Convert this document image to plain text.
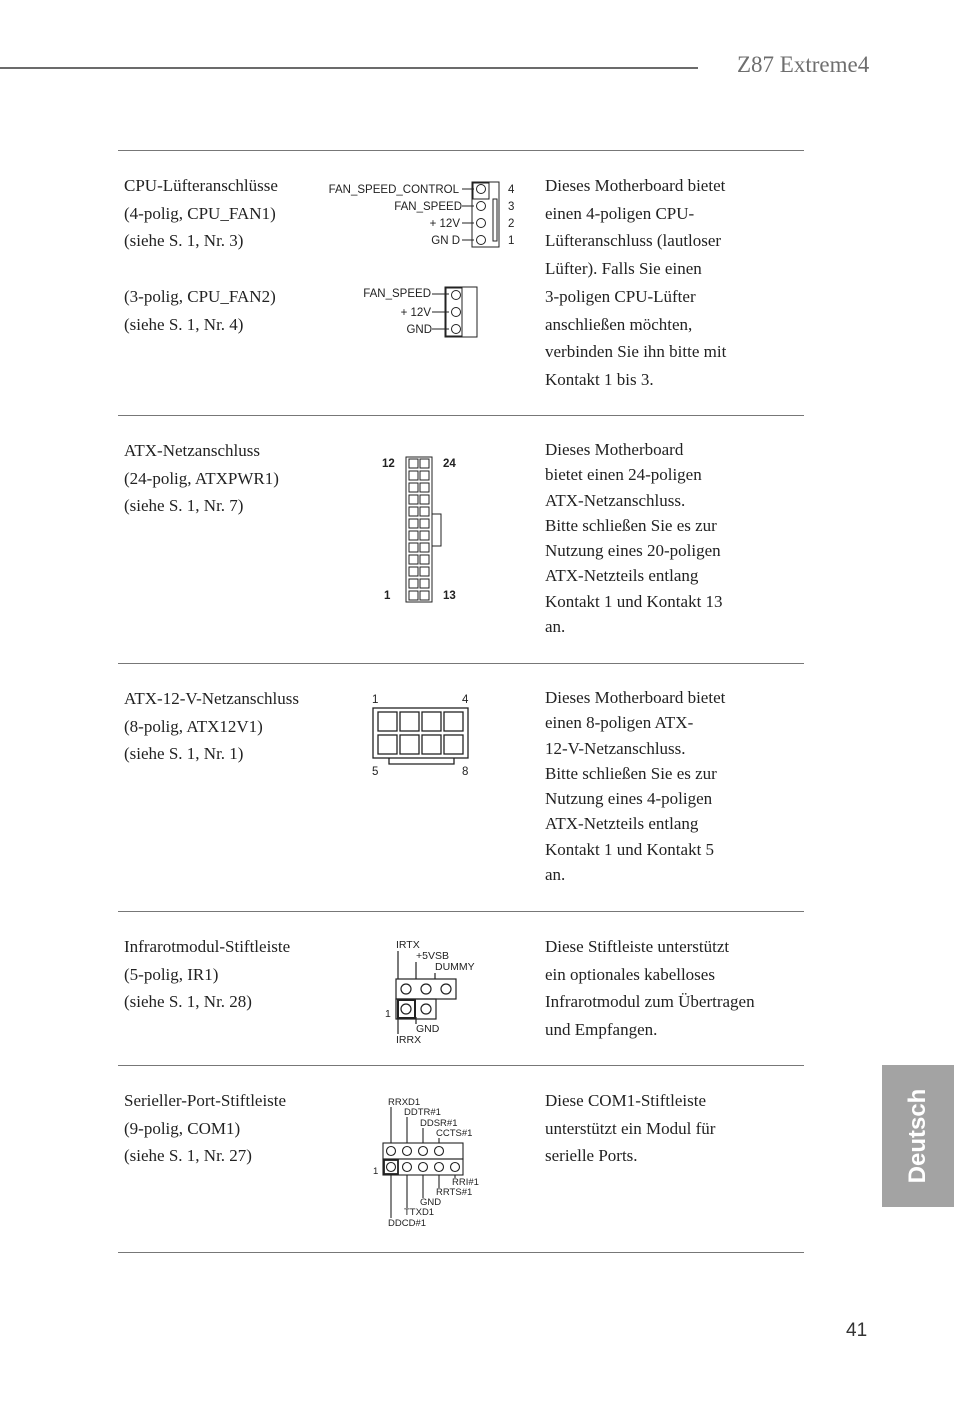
Z87 Extreme4
CPU-Lüfteranschlüsse
(4-polig, CPU_FAN1)
(siehe S. 1, Nr. 3)

(3-polig, CPU_FAN2)
(siehe S. 1, Nr. 4)
Dieses Motherboard bietet
einen 4-poligen CPU-
Lüfteranschluss (lautloser
Lüfter). Falls Sie einen
3-poligen CPU-Lüfter
anschließen möchten,
verbinden Sie ihn bitte mit
Kontakt 1 bis 3.
FAN_SPEED_CONTROL
FAN_SPEED
+ 12V
GN D
4
3
2
1
FAN_SPEED
+ 12V
GND
ATX-Netzanschluss
(24-polig, ATXPWR1)
(siehe S. 1, Nr. 7)
Dieses Motherboard
bietet einen 24-poligen
ATX-Netzanschluss.
Bitte schließen Sie es zur
Nutzung eines 20-poligen
ATX-Netzteils entlang
Kontakt 1 und Kontakt 13
an.
12	24
1	13
ATX-12-V-Netzanschluss
(8-polig, ATX12V1)
(siehe S. 1, Nr. 1)
Dieses Motherboard bietet
einen 8-poligen ATX-
12-V-Netzanschluss.
Bitte schließen Sie es zur
Nutzung eines 4-poligen
ATX-Netzteils entlang
Kontakt 1 und Kontakt 5
an.
1	4
5	8
Infrarotmodul-Stiftleiste
(5-polig, IR1)
(siehe S. 1, Nr. 28)
Diese Stiftleiste unterstützt
ein optionales kabelloses
Infrarotmodul zum Übertragen
und Empfangen.
IRTX
+5VSB
DUMMY
1
GND
IRRX
Serieller-Port-Stiftleiste
(9-polig, COM1)
(siehe S. 1, Nr. 27)
Diese COM1-Stiftleiste
unterstützt ein Modul für
serielle Ports.
RRXD1
DDTR#1
DDSR#1
CCTS#1
1
RRI#1
RRTS#1
GND
TTXD1
DDCD#1
Deutsch
41
